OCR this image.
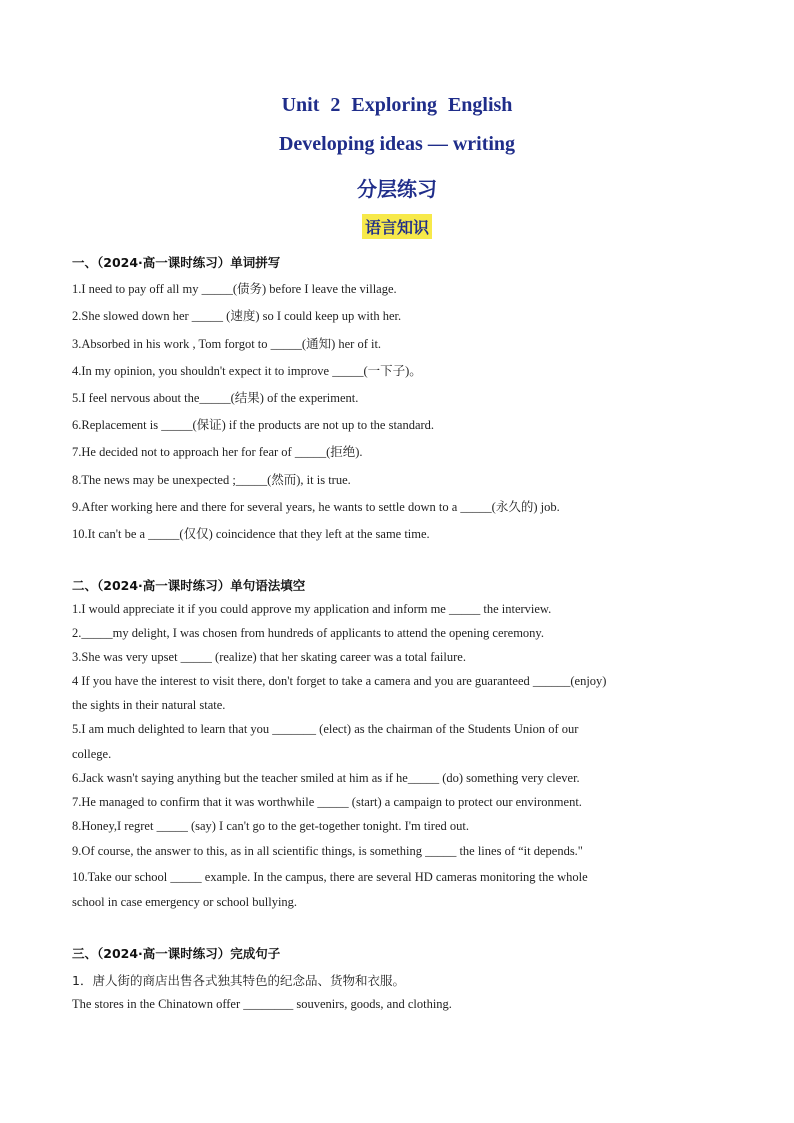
Unit 2 Exploring English
Developing ideas — writing
分层练习
语言知识
一、（2024·高一课时练习）单词拼写
1.I need to pay off all my _____(债务) before I leave the village.
2.She slowed down her _____ (速度) so I could keep up with her.
3.Absorbed in his work , Tom forgot to _____(通知) her of it.
4.In my opinion, you shouldn't expect it to improve _____(一下子)。
5.I feel nervous about the_____(结果) of the experiment.
6.Replacement is _____(保证) if the products are not up to the standard.
7.He decided not to approach her for fear of _____(拒绝).
8.The news may be unexpected ;_____(然而), it is true.
9.After working here and there for several years, he wants to settle down to a _____(永久的) job.
10.It can't be a _____(仅仅) coincidence that they left at the same time.
二、（2024·高一课时练习）单句语法填空
1.I would appreciate it if you could approve my application and inform me _____ the interview.
2._____my delight, I was chosen from hundreds of applicants to attend the opening ceremony.
3.She was very upset _____ (realize) that her skating career was a total failure.
4 If you have the interest to visit there, don't forget to take a camera and you are guaranteed ______(enjoy)
the sights in their natural state.
5.I am much delighted to learn that you _______ (elect) as the chairman of the Students Union of our
college.
6.Jack wasn't saying anything but the teacher smiled at him as if he_____ (do) something very clever.
7.He managed to confirm that it was worthwhile _____ (start) a campaign to protect our environment.
8.Honey,I regret _____ (say) I can't go to the get-together tonight. I'm tired out.
9.Of course, the answer to this, as in all scientific things, is something _____ the lines of “it depends."
10.Take our school _____ example. In the campus, there are several HD cameras monitoring the whole
school in case emergency or school bullying.
三、（2024·高一课时练习）完成句子
1．唐人街的商店出售各式独其特色的纪念品、货物和衣服。
The stores in the Chinatown offer ________ souvenirs, goods, and clothing.
